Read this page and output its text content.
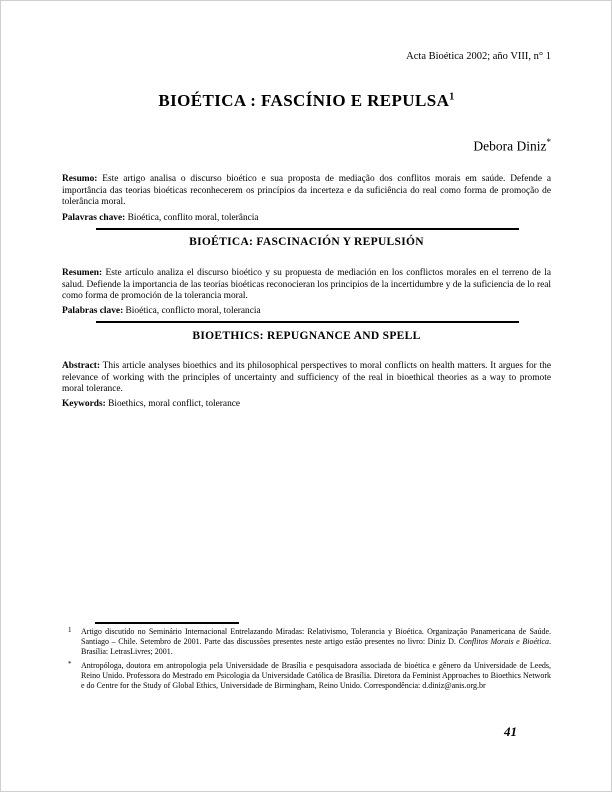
Acta Bioética 2002; año VIII, n° 1
BIOÉTICA : FASCÍNIO E REPULSA$^1$
Debora Diniz*

Resumo: Este artigo analisa o discurso bioético e sua proposta de mediação dos conflitos morais em saúde. Defende a importância das teorias bioéticas reconhecerem os princípios da incerteza e da suficiência do real como forma de promoção de tolerância moral.

Palavras chave: Bioética, conflito moral, tolerância

BIOÉTICA: FASCINACIÓN Y REPULSIÓN

Resumen: Este artículo analiza el discurso bioético y su propuesta de mediación en los conflictos morales en el terreno de la salud. Defiende la importancia de las teorías bioéticas reconocieran los principios de la incertidumbre y de la suficiencia de lo real como forma de promoción de la tolerancia moral.

Palabras clave: Bioética, conflicto moral, tolerancia

BIOETHICS: REPUGNANCE AND SPELL

Abstract: This article analyses bioethics and its philosophical perspectives to moral conflicts on health matters. It argues for the relevance of working with the principles of uncertainty and sufficiency of the real in bioethical theories as a way to promote moral tolerance.

Keywords: Bioethics, moral conflict, tolerance

1 Artigo discutido no Seminário Internacional Entrelazando Miradas: Relativismo, Tolerancia y Bioética. Organização Panamericana de Saúde. Santiago – Chile. Setembro de 2001. Parte das discussões presentes neste artigo estão presentes no livro: Diniz D. Conflitos Morais e Bioética. Brasília: LetrasLivres; 2001.
* Antropóloga, doutora em antropologia pela Universidade de Brasília e pesquisadora associada de bioética e gênero da Universidade de Leeds, Reino Unido. Professora do Mestrado em Psicologia da Universidade Católica de Brasília. Diretora da Feminist Approaches to Bioethics Network e do Centre for the Study of Global Ethics, Universidade de Birmingham, Reino Unido. Correspondência: d.diniz@anis.org.br
41
